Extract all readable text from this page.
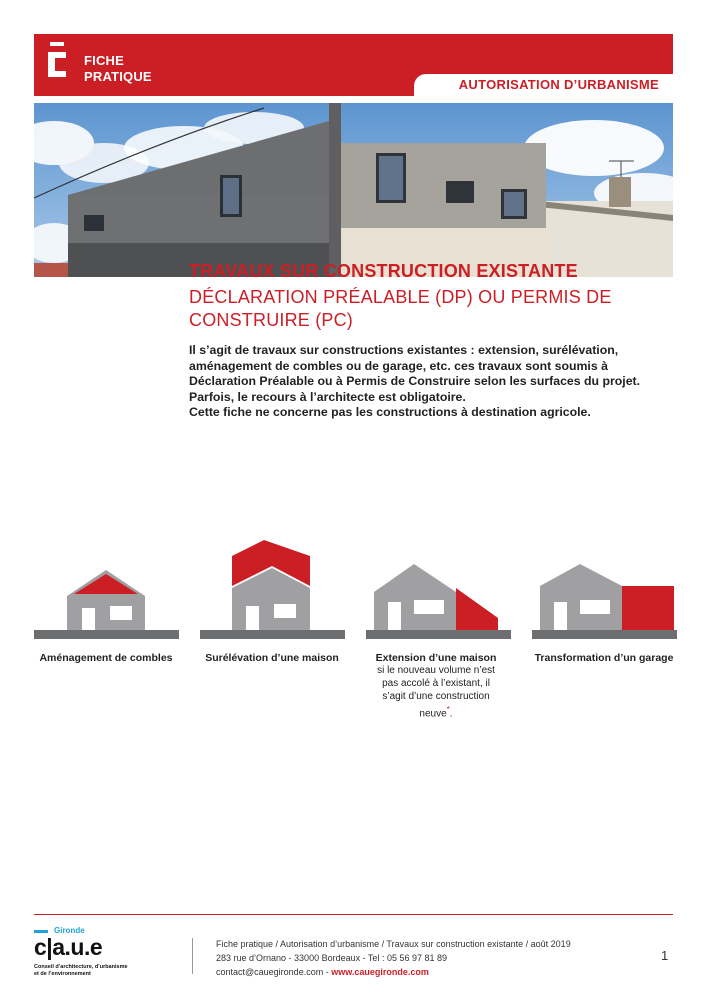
FICHE
PRATIQUE
AUTORISATION D’URBANISME
TRAVAUX SUR CONSTRUCTION EXISTANTE
DÉCLARATION PRÉALABLE (DP) OU PERMIS DE
CONSTRUIRE (PC)
Il s’agit de travaux sur constructions existantes : extension, surélévation,
aménagement de combles ou de garage, etc. ces travaux sont soumis à
Déclaration Préalable ou à Permis de Construire selon les surfaces du projet.
Parfois, le recours à l’architecte est obligatoire.
Cette fiche ne concerne pas les constructions à destination agricole.
Aménagement de combles	Surélévation d’une maison	Extension d’une maison
si le nouveau volume n’est
pas accolé à l’existant, il
s’agit d’une construction
neuve*.
Transformation d’un garage
Gironde
c|a.u.e
Conseil d’architecture, d’urbanisme
et de l’environnement
Fiche pratique / Autorisation d’urbanisme / Travaux sur construction existante / août 2019
283 rue d’Ornano - 33000 Bordeaux - Tel : 05 56 97 81 89
contact@cauegironde.com - www.cauegironde.com
1
